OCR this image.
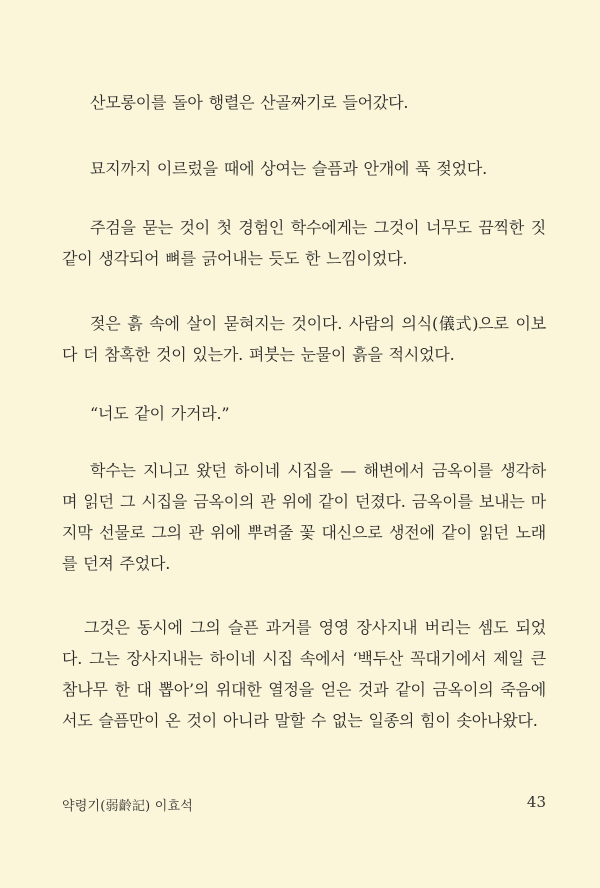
산모롱이를 돌아 행렬은 산골짜기로 들어갔다.

묘지까지 이르렀을 때에 상여는 슬픔과 안개에 푹 젖었다.

주검을 묻는 것이 첫 경험인 학수에게는 그것이 너무도 끔찍한 짓같이 생각되어 뼈를 긁어내는 듯도 한 느낌이었다.

젖은 흙 속에 살이 묻혀지는 것이다. 사람의 의식(儀式)으로 이보다 더 참혹한 것이 있는가. 펴붓는 눈물이 흙을 적시었다.

“너도 같이 가거라.”

학수는 지니고 왔던 하이네 시집을 — 해변에서 금옥이를 생각하며 읽던 그 시집을 금옥이의 관 위에 같이 던졌다. 금옥이를 보내는 마지막 선물로 그의 관 위에 뿌려줄 꽃 대신으로 생전에 같이 읽던 노래를 던져 주었다.

그것은 동시에 그의 슬픈 과거를 영영 장사지내 버리는 셈도 되었다. 그는 장사지내는 하이네 시집 속에서 ‘백두산 꼭대기에서 제일 큰 참나무 한 대 뽑아’의 위대한 열정을 얻은 것과 같이 금옥이의 죽음에서도 슬픔만이 온 것이 아니라 말할 수 없는 일종의 힘이 솟아나왔다.

약령기(弱齡記) 이효석	43
